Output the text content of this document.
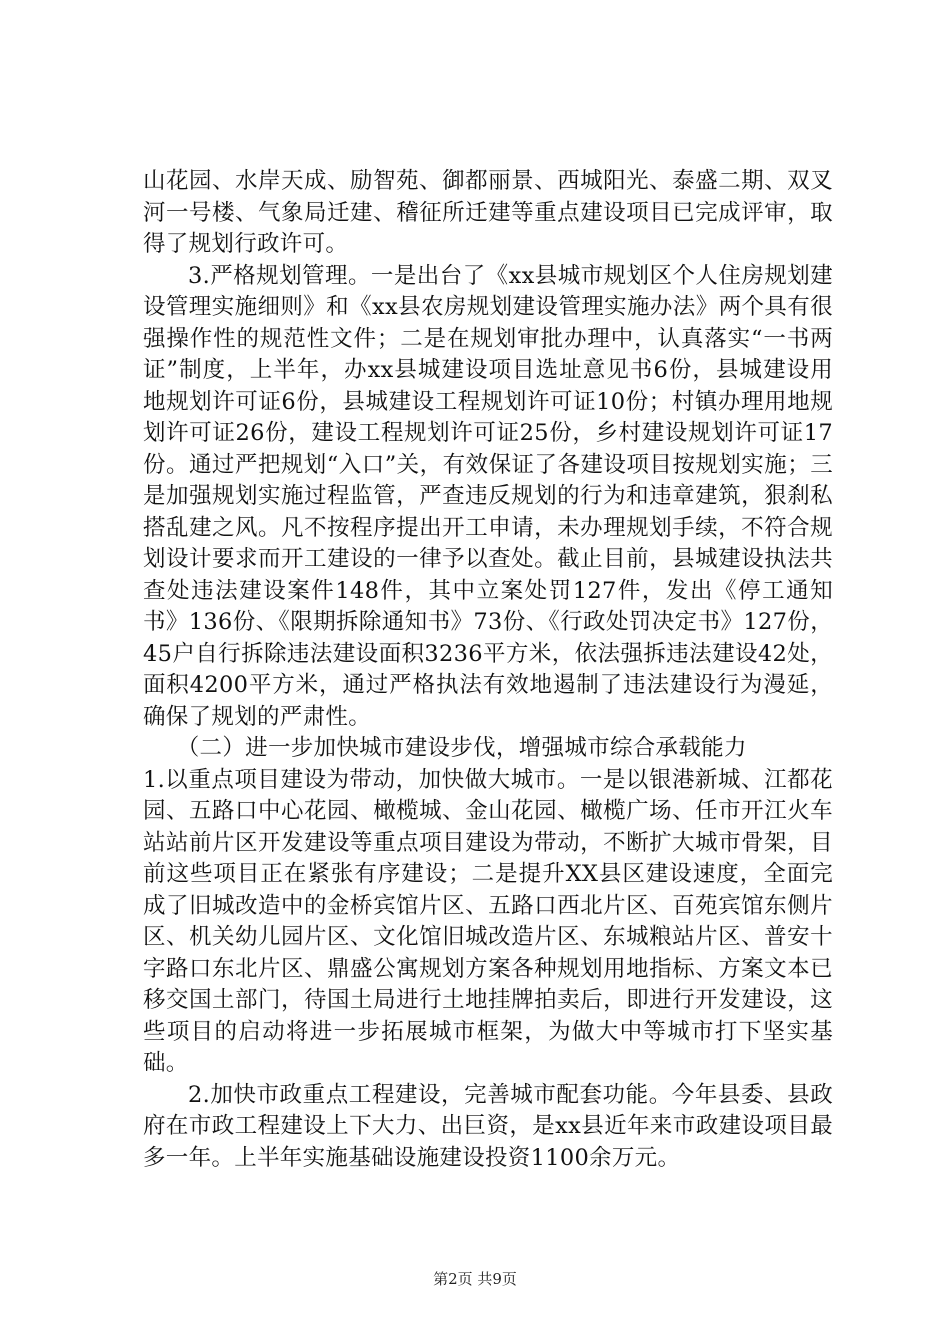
山花园、水岸天成、励智苑、御都丽景、西城阳光、泰盛二期、双叉河一号楼、气象局迁建、稽征所迁建等重点建设项目已完成评审，取得了规划行政许可。

3.严格规划管理。一是出台了《xx县城市规划区个人住房规划建设管理实施细则》和《xx县农房规划建设管理实施办法》两个具有很强操作性的规范性文件；二是在规划审批办理中，认真落实“一书两证”制度，上半年，办xx县城建设项目选址意见书6份，县城建设用地规划许可证6份，县城建设工程规划许可证10份；村镇办理用地规划许可证26份，建设工程规划许可证25份，乡村建设规划许可证17份。通过严把规划“入口”关，有效保证了各建设项目按规划实施；三是加强规划实施过程监管，严查违反规划的行为和违章建筑，狠刹私搭乱建之风。凡不按程序提出开工申请，未办理规划手续，不符合规划设计要求而开工建设的一律予以查处。截止目前，县城建设执法共查处违法建设案件148件，其中立案处罚127件，发出《停工通知书》136份、《限期拆除通知书》73份、《行政处罚决定书》127份，45户自行拆除违法建设面积3236平方米，依法强拆违法建设42处，面积4200平方米，通过严格执法有效地遏制了违法建设行为漫延，确保了规划的严肃性。

（二）进一步加快城市建设步伐，增强城市综合承载能力

1.以重点项目建设为带动，加快做大城市。一是以银港新城、江都花园、五路口中心花园、橄榄城、金山花园、橄榄广场、任市开江火车站站前片区开发建设等重点项目建设为带动，不断扩大城市骨架，目前这些项目正在紧张有序建设；二是提升XX县区建设速度，全面完成了旧城改造中的金桥宾馆片区、五路口西北片区、百苑宾馆东侧片区、机关幼儿园片区、文化馆旧城改造片区、东城粮站片区、普安十字路口东北片区、鼎盛公寓规划方案各种规划用地指标、方案文本已移交国土部门，待国土局进行土地挂牌拍卖后，即进行开发建设，这些项目的启动将进一步拓展城市框架，为做大中等城市打下坚实基础。

2.加快市政重点工程建设，完善城市配套功能。今年县委、县政府在市政工程建设上下大力、出巨资，是xx县近年来市政建设项目最多一年。上半年实施基础设施建设投资1100余万元。

第2页 共9页
